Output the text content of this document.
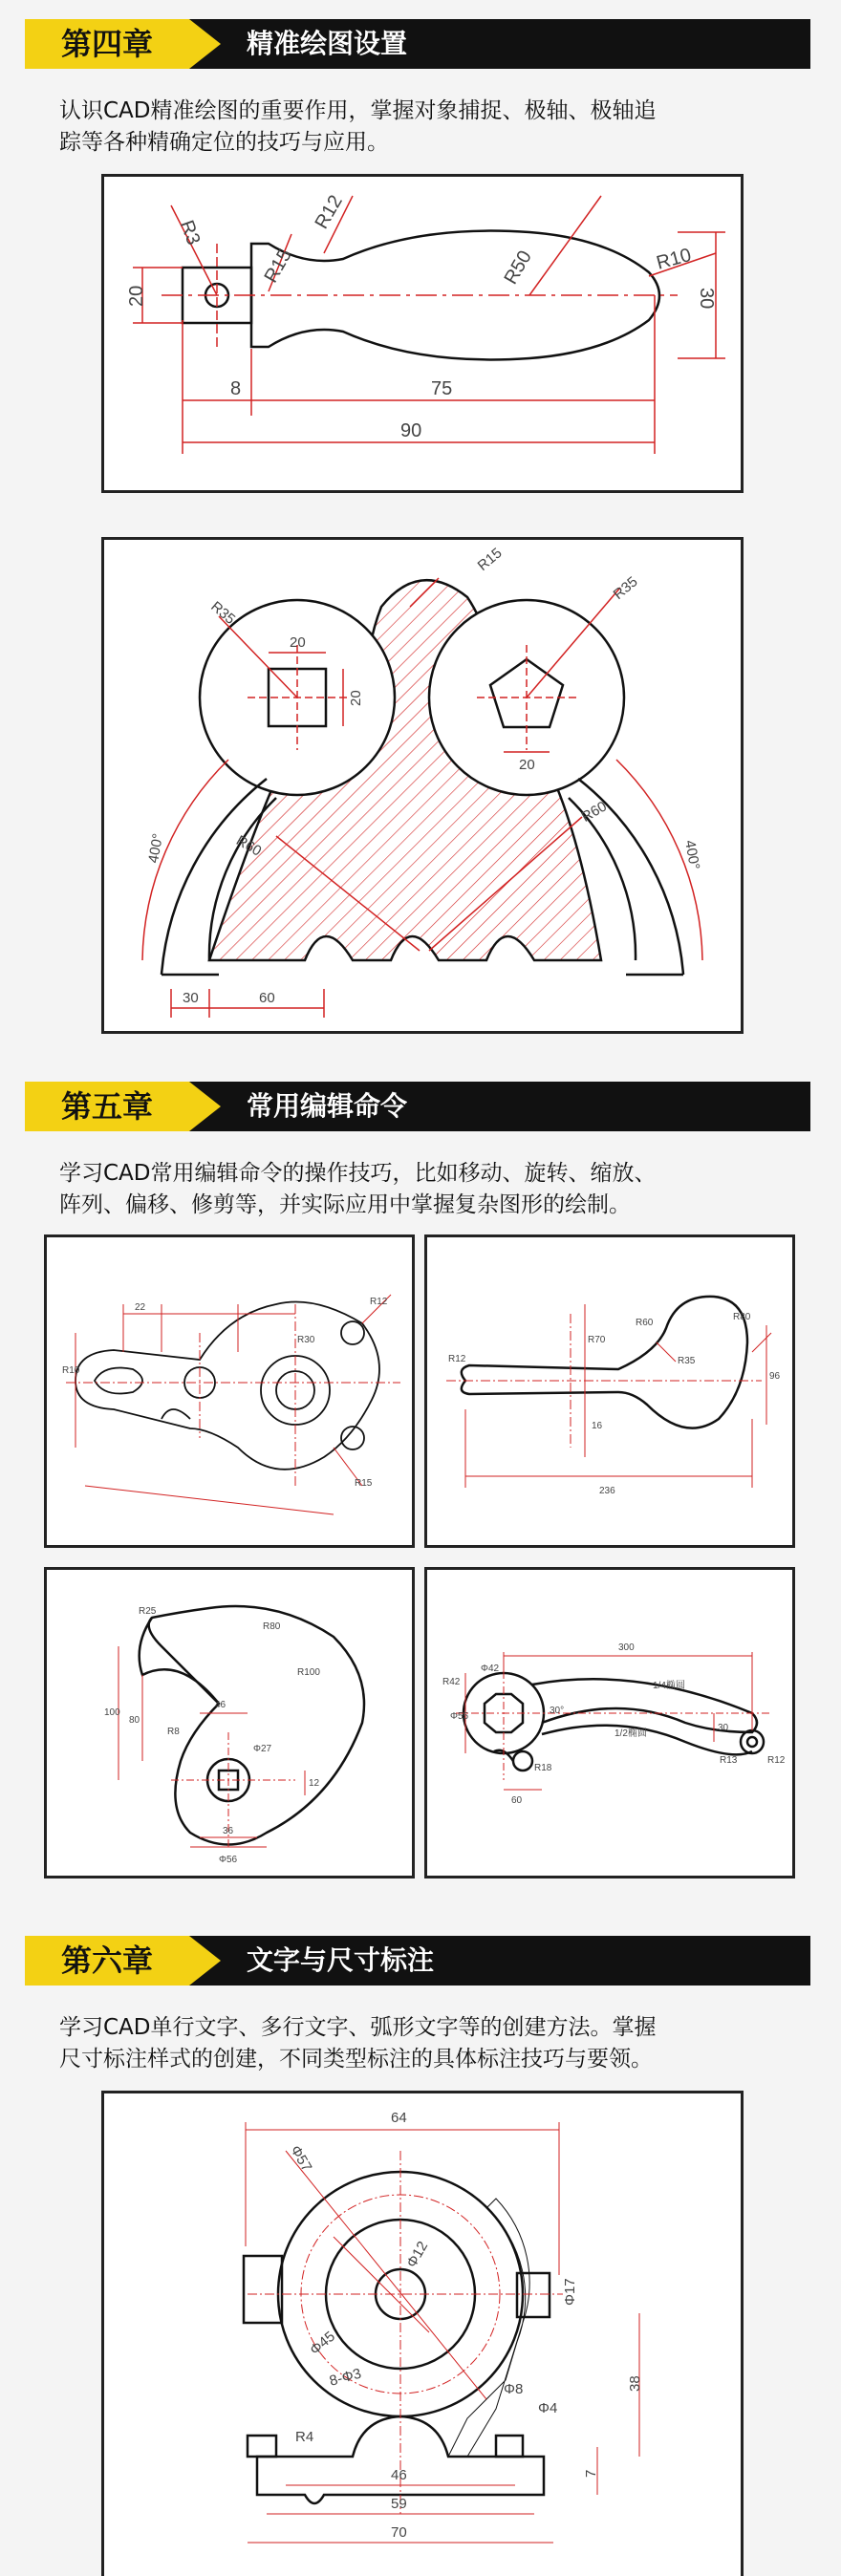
第四章	精准绘图设置
认识CAD精准绘图的重要作用，掌握对象捕捉、极轴、极轴追
踪等各种精确定位的技巧与应用。
R3
R12
R15	R50	R10
20	30
8	75
90
R15
R35
R35
20
20
20
400°	400°
R60
R60
30	60
第五章	常用编辑命令
学习CAD常用编辑命令的操作技巧，比如移动、旋转、缩放、
阵列、偏移、修剪等，并实际应用中掌握复杂图形的绘制。
R10
R30
R12
R15
22
R12
R60
R70
R35
R80
96
236
16
R25
R80
R100
46
100
80
R8
Φ27
36
Φ56
12
300
R42
Φ42
1/4椭圆
1/2椭圆
30°
R18
R13	R12
60
Φ55
30
第六章	文字与尺寸标注
学习CAD单行文字、多行文字、弧形文字等的创建方法。掌握
尺寸标注样式的创建，不同类型标注的具体标注技巧与要领。
64
Φ57
Φ12
Φ17
Φ45
8-Φ3	Φ8
Φ4
R4
38
7
46
59
70
